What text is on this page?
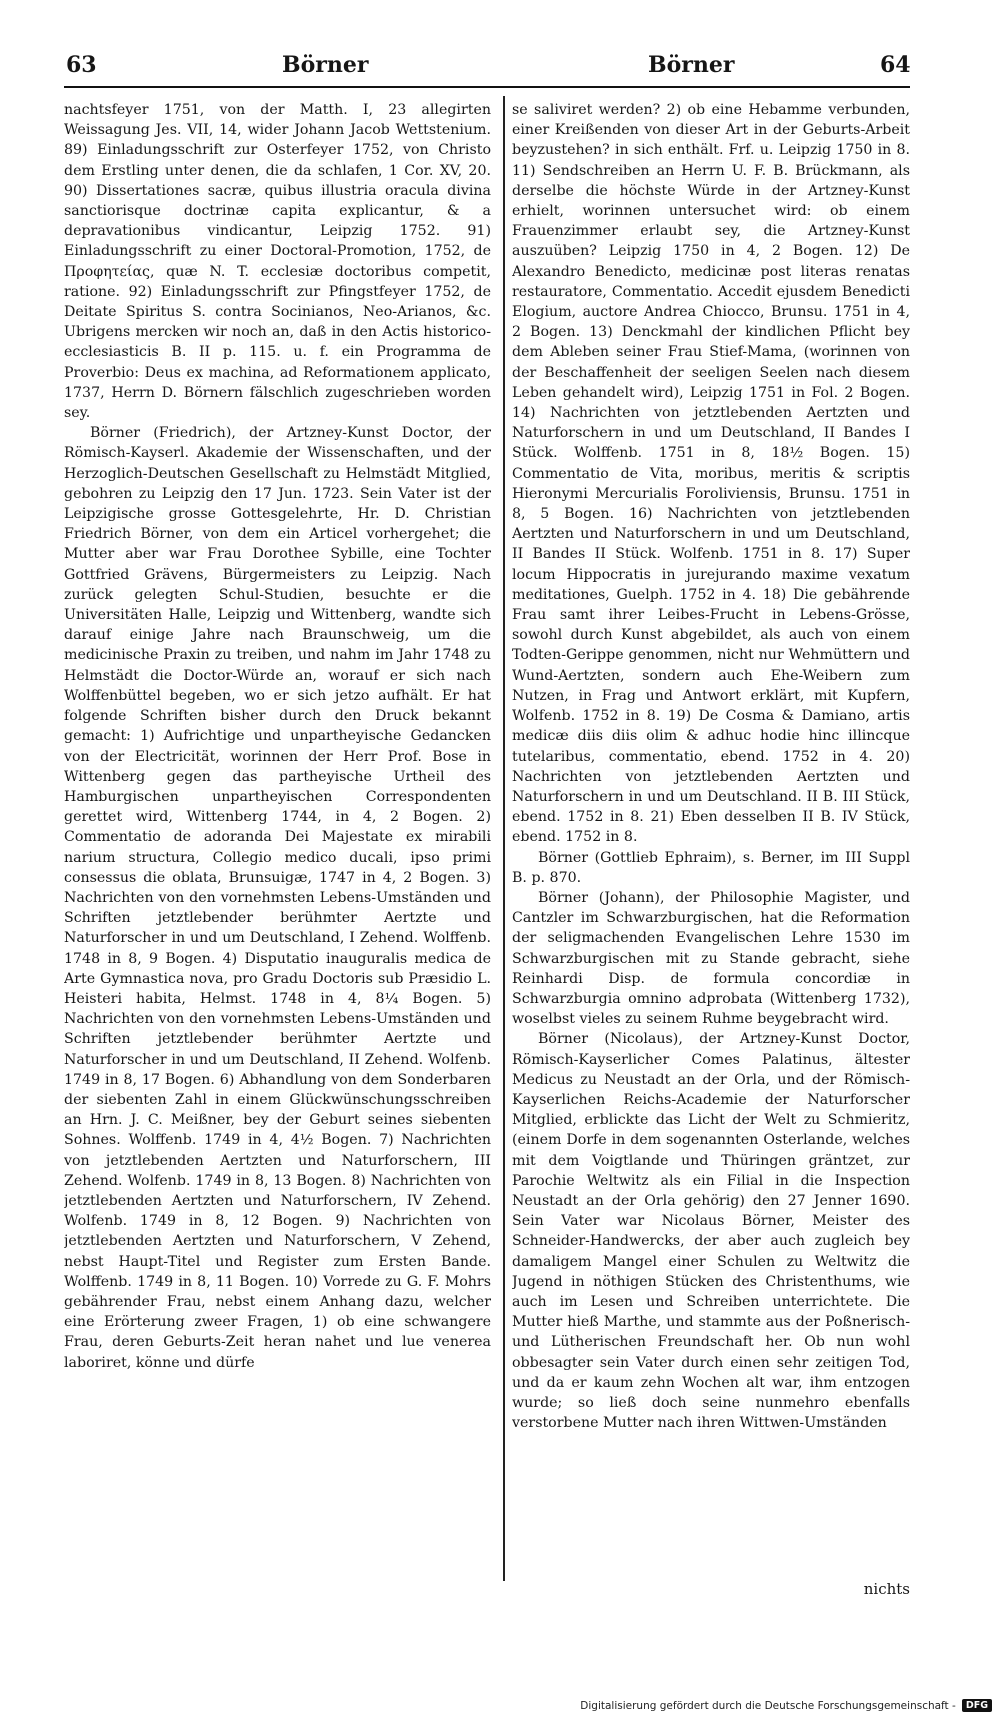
63	Börner	Börner	64

nachtsfeyer 1751, von der Matth. I, 23 allegirten Weissagung Jes. VII, 14, wider Johann Jacob Wettstenium. 89) Einladungsschrift zur Osterfeyer 1752, von Christo dem Erstling unter denen, die da schlafen, 1 Cor. XV, 20. 90) Dissertationes sacræ, quibus illustria oracula divina sanctiorisque doctrinæ capita explicantur, & a depravationibus vindicantur, Leipzig 1752. 91) Einladungsschrift zu einer Doctoral-Promotion, 1752, de Προφητείας, quæ N. T. ecclesiæ doctoribus competit, ratione. 92) Einladungsschrift zur Pfingstfeyer 1752, de Deitate Spiritus S. contra Socinianos, Neo-Arianos, &c. Ubrigens mercken wir noch an, daß in den Actis historico-ecclesiasticis B. II p. 115. u. f. ein Programma de Proverbio: Deus ex machina, ad Reformationem applicato, 1737, Herrn D. Börnern fälschlich zugeschrieben worden sey.

Börner (Friedrich), der Artzney-Kunst Doctor, der Römisch-Kayserl. Akademie der Wissenschaften, und der Herzoglich-Deutschen Gesellschaft zu Helmstädt Mitglied, gebohren zu Leipzig den 17 Jun. 1723. Sein Vater ist der Leipzigische grosse Gottesgelehrte, Hr. D. Christian Friedrich Börner, von dem ein Articel vorhergehet; die Mutter aber war Frau Dorothee Sybille, eine Tochter Gottfried Grävens, Bürgermeisters zu Leipzig. Nach zurück gelegten Schul-Studien, besuchte er die Universitäten Halle, Leipzig und Wittenberg, wandte sich darauf einige Jahre nach Braunschweig, um die medicinische Praxin zu treiben, und nahm im Jahr 1748 zu Helmstädt die Doctor-Würde an, worauf er sich nach Wolffenbüttel begeben, wo er sich jetzo aufhält. Er hat folgende Schriften bisher durch den Druck bekannt gemacht: 1) Aufrichtige und unpartheyische Gedancken von der Electricität, worinnen der Herr Prof. Bose in Wittenberg gegen das partheyische Urtheil des Hamburgischen unpartheyischen Correspondenten gerettet wird, Wittenberg 1744, in 4, 2 Bogen. 2) Commentatio de adoranda Dei Majestate ex mirabili narium structura, Collegio medico ducali, ipso primi consessus die oblata, Brunsuigæ, 1747 in 4, 2 Bogen. 3) Nachrichten von den vornehmsten Lebens-Umständen und Schriften jetztlebender berühmter Aertzte und Naturforscher in und um Deutschland, I Zehend. Wolffenb. 1748 in 8, 9 Bogen. 4) Disputatio inauguralis medica de Arte Gymnastica nova, pro Gradu Doctoris sub Præsidio L. Heisteri habita, Helmst. 1748 in 4, 8¼ Bogen. 5) Nachrichten von den vornehmsten Lebens-Umständen und Schriften jetztlebender berühmter Aertzte und Naturforscher in und um Deutschland, II Zehend. Wolfenb. 1749 in 8, 17 Bogen. 6) Abhandlung von dem Sonderbaren der siebenten Zahl in einem Glückwünschungsschreiben an Hrn. J. C. Meißner, bey der Geburt seines siebenten Sohnes. Wolffenb. 1749 in 4, 4½ Bogen. 7) Nachrichten von jetztlebenden Aertzten und Naturforschern, III Zehend. Wolfenb. 1749 in 8, 13 Bogen. 8) Nachrichten von jetztlebenden Aertzten und Naturforschern, IV Zehend. Wolfenb. 1749 in 8, 12 Bogen. 9) Nachrichten von jetztlebenden Aertzten und Naturforschern, V Zehend, nebst Haupt-Titel und Register zum Ersten Bande. Wolffenb. 1749 in 8, 11 Bogen. 10) Vorrede zu G. F. Mohrs gebährender Frau, nebst einem Anhang dazu, welcher eine Erörterung zweer Fragen, 1) ob eine schwangere Frau, deren Geburts-Zeit heran nahet und lue venerea laboriret, könne und dürfe

se saliviret werden? 2) ob eine Hebamme verbunden, einer Kreißenden von dieser Art in der Geburts-Arbeit beyzustehen? in sich enthält. Frf. u. Leipzig 1750 in 8. 11) Sendschreiben an Herrn U. F. B. Brückmann, als derselbe die höchste Würde in der Artzney-Kunst erhielt, worinnen untersuchet wird: ob einem Frauenzimmer erlaubt sey, die Artzney-Kunst auszuüben? Leipzig 1750 in 4, 2 Bogen. 12) De Alexandro Benedicto, medicinæ post literas renatas restauratore, Commentatio. Accedit ejusdem Benedicti Elogium, auctore Andrea Chiocco, Brunsu. 1751 in 4, 2 Bogen. 13) Denckmahl der kindlichen Pflicht bey dem Ableben seiner Frau Stief-Mama, (worinnen von der Beschaffenheit der seeligen Seelen nach diesem Leben gehandelt wird), Leipzig 1751 in Fol. 2 Bogen. 14) Nachrichten von jetztlebenden Aertzten und Naturforschern in und um Deutschland, II Bandes I Stück. Wolffenb. 1751 in 8, 18½ Bogen. 15) Commentatio de Vita, moribus, meritis & scriptis Hieronymi Mercurialis Foroliviensis, Brunsu. 1751 in 8, 5 Bogen. 16) Nachrichten von jetztlebenden Aertzten und Naturforschern in und um Deutschland, II Bandes II Stück. Wolfenb. 1751 in 8. 17) Super locum Hippocratis in jurejurando maxime vexatum meditationes, Guelph. 1752 in 4. 18) Die gebährende Frau samt ihrer Leibes-Frucht in Lebens-Grösse, sowohl durch Kunst abgebildet, als auch von einem Todten-Gerippe genommen, nicht nur Wehmüttern und Wund-Aertzten, sondern auch Ehe-Weibern zum Nutzen, in Frag und Antwort erklärt, mit Kupfern, Wolfenb. 1752 in 8. 19) De Cosma & Damiano, artis medicæ diis diis olim & adhuc hodie hinc illincque tutelaribus, commentatio, ebend. 1752 in 4. 20) Nachrichten von jetztlebenden Aertzten und Naturforschern in und um Deutschland. II B. III Stück, ebend. 1752 in 8. 21) Eben desselben II B. IV Stück, ebend. 1752 in 8.

Börner (Gottlieb Ephraim), s. Berner, im III Suppl B. p. 870.

Börner (Johann), der Philosophie Magister, und Cantzler im Schwarzburgischen, hat die Reformation der seligmachenden Evangelischen Lehre 1530 im Schwarzburgischen mit zu Stande gebracht, siehe Reinhardi Disp. de formula concordiæ in Schwarzburgia omnino adprobata (Wittenberg 1732), woselbst vieles zu seinem Ruhme beygebracht wird.

Börner (Nicolaus), der Artzney-Kunst Doctor, Römisch-Kayserlicher Comes Palatinus, ältester Medicus zu Neustadt an der Orla, und der Römisch-Kayserlichen Reichs-Academie der Naturforscher Mitglied, erblickte das Licht der Welt zu Schmieritz, (einem Dorfe in dem sogenannten Osterlande, welches mit dem Voigtlande und Thüringen gräntzet, zur Parochie Weltwitz als ein Filial in die Inspection Neustadt an der Orla gehörig) den 27 Jenner 1690. Sein Vater war Nicolaus Börner, Meister des Schneider-Handwercks, der aber auch zugleich bey damaligem Mangel einer Schulen zu Weltwitz die Jugend in nöthigen Stücken des Christenthums, wie auch im Lesen und Schreiben unterrichtete. Die Mutter hieß Marthe, und stammte aus der Poßnerisch- und Lütherischen Freundschaft her. Ob nun wohl obbesagter sein Vater durch einen sehr zeitigen Tod, und da er kaum zehn Wochen alt war, ihm entzogen wurde; so ließ doch seine nunmehro ebenfalls verstorbene Mutter nach ihren Wittwen-Umständen

nichts
Digitalisierung gefördert durch die Deutsche Forschungsgemeinschaft -	DFG
